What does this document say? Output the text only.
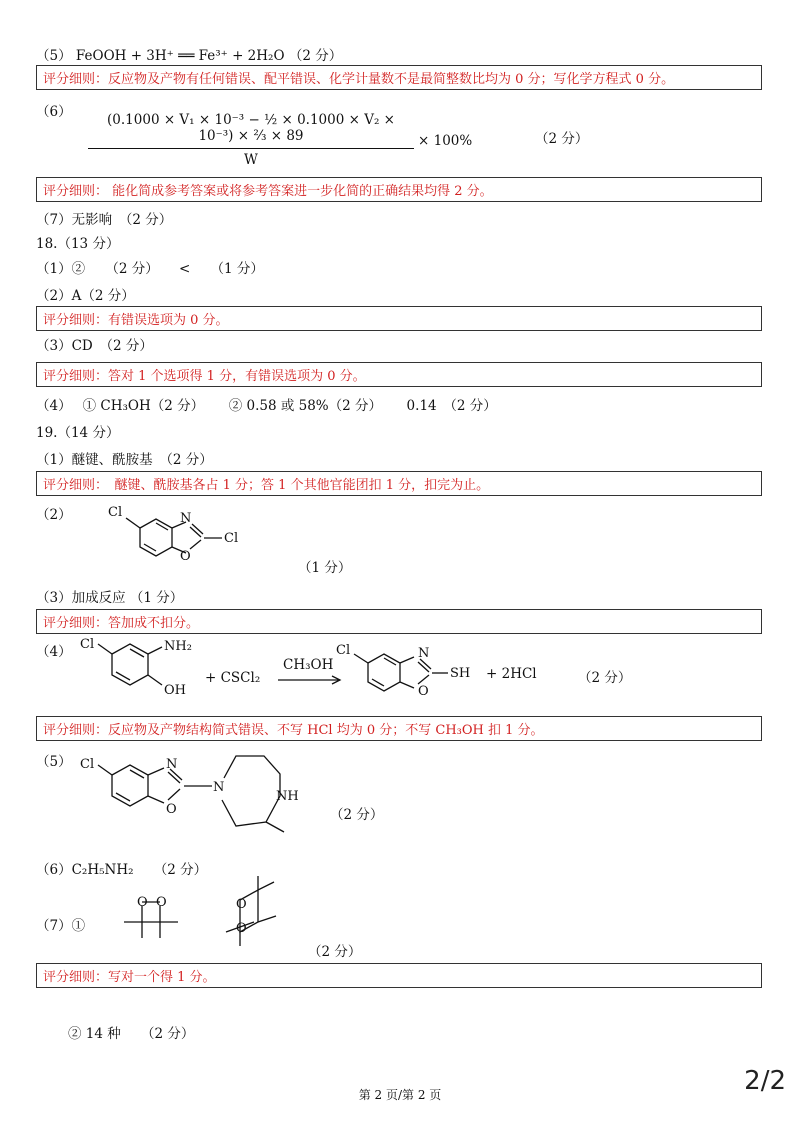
（5） FeOOH + 3H⁺ ══ Fe³⁺ + 2H₂O （2 分）
评分细则：反应物及产物有任何错误、配平错误、化学计量数不是最简整数比均为 0 分；写化学方程式 0 分。
$(6) \frac{\text{(0.1000 × V₁ × 10⁻³ − ½ × 0.1000 × V₂ × 10⁻³) × ⅔ × 89}}{W} \times 100\%$	（2 分）
评分细则： 能化简成参考答案或将参考答案进一步化简的正确结果均得 2 分。
（7）无影响　 （2 分）
18.（13 分）
（1）②　　（2 分）　　<　　（1 分）
（2）A（2 分）
评分细则：有错误选项为 0 分。
（3）CD　（2 分）
评分细则：答对 1 个选项得 1 分，有错误选项为 0 分。
（4）　 ① CH₃OH（2 分）　　 ② 0.58 或 58%（2 分）　　 0.14　（2 分）
19.（14 分）
（1）醚键、酰胺基　（2 分）
评分细则：　醚键、酰胺基各占 1 分；答 1 个其他官能团扣 1 分，扣完为止。
（2）	Cl	N
O
Cl
Cl	NH₂
OH
Cl	N
O
SH
Cl	N
O
N
NH
O O	O
O
（1 分）
（3）加成反应 （1 分）
评分细则：答加成不扣分。
（4）
+ CSCl₂
CH₃OH
+ 2HCl	（2 分）
评分细则：反应物及产物结构简式错误、不写 HCl 均为 0 分；不写 CH₃OH 扣 1 分。
（5）
（2 分）
（6）C₂H₅NH₂　　（2 分）
（7）①
（2 分）
评分细则：写对一个得 1 分。
② 14 种　　（2 分）
第 2 页/第 2 页	2/2
